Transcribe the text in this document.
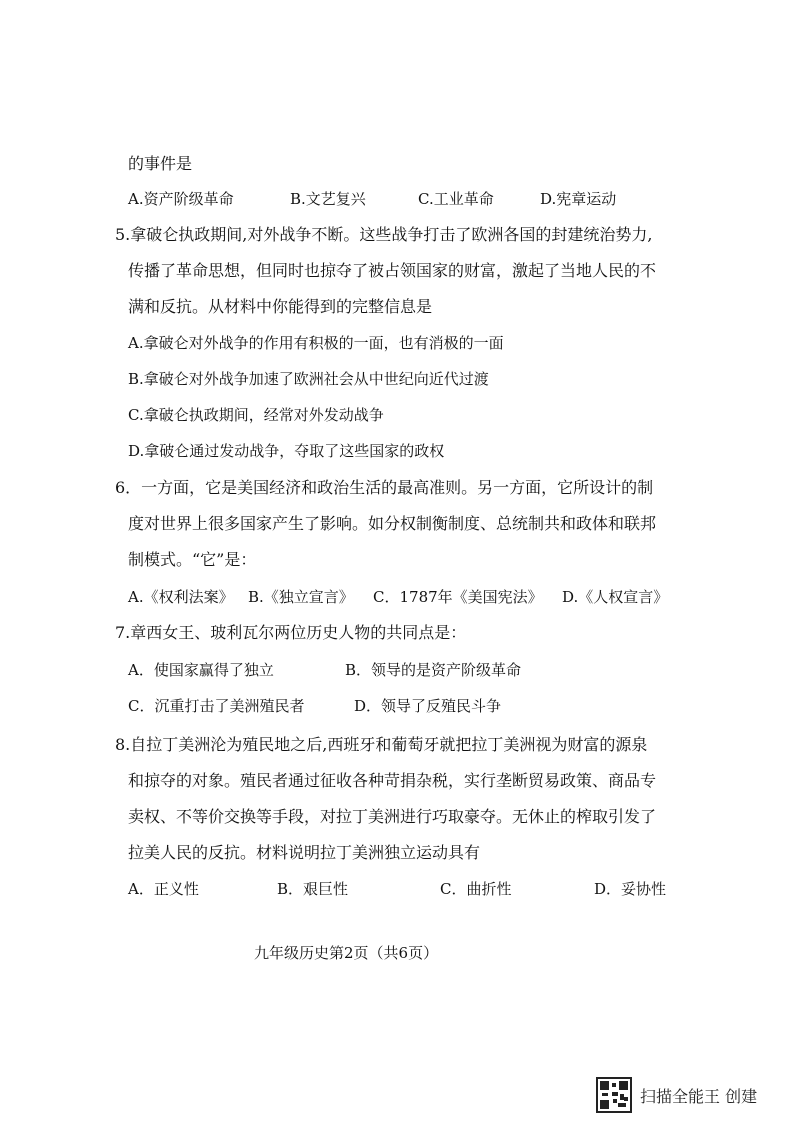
的事件是
A.资产阶级革命	B.文艺复兴	C.工业革命	D.宪章运动
5.拿破仑执政期间,对外战争不断。这些战争打击了欧洲各国的封建统治势力,
传播了革命思想，但同时也掠夺了被占领国家的财富，激起了当地人民的不
满和反抗。从材料中你能得到的完整信息是
A.拿破仑对外战争的作用有积极的一面，也有消极的一面
B.拿破仑对外战争加速了欧洲社会从中世纪向近代过渡
C.拿破仑执政期间，经常对外发动战争
D.拿破仑通过发动战争，夺取了这些国家的政权
6．一方面，它是美国经济和政治生活的最高准则。另一方面，它所设计的制
度对世界上很多国家产生了影响。如分权制衡制度、总统制共和政体和联邦
制模式。“它”是：
A.《权利法案》 B.《独立宣言》 C．1787年《美国宪法》 D.《人权宣言》
7.章西女王、玻利瓦尔两位历史人物的共同点是：
A．使国家赢得了独立	B．领导的是资产阶级革命
C．沉重打击了美洲殖民者	D．领导了反殖民斗争
8.自拉丁美洲沦为殖民地之后,西班牙和葡萄牙就把拉丁美洲视为财富的源泉
和掠夺的对象。殖民者通过征收各种苛捐杂税，实行垄断贸易政策、商品专
卖权、不等价交换等手段，对拉丁美洲进行巧取豪夺。无休止的榨取引发了
拉美人民的反抗。材料说明拉丁美洲独立运动具有
A．正义性	B．艰巨性	C．曲折性	D．妥协性
九年级历史第2页（共6页）
扫描全能王 创建
